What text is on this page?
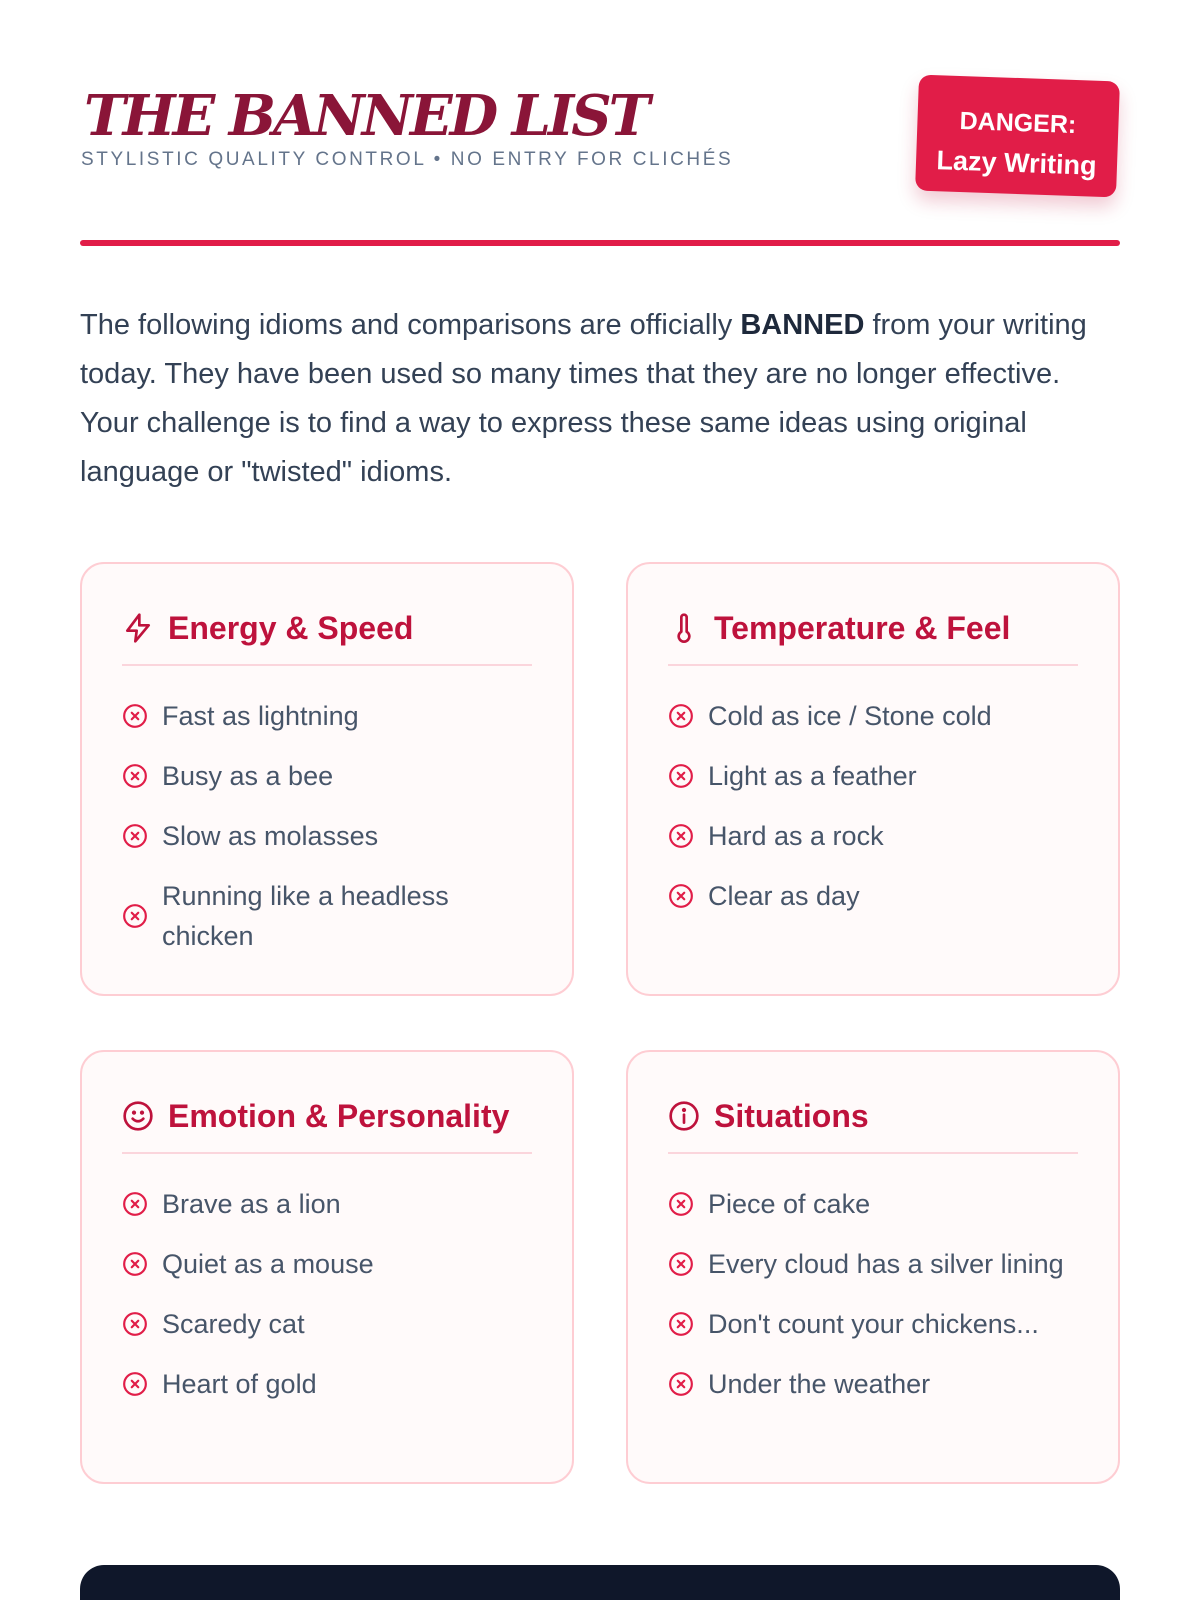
THE BANNED LIST
STYLISTIC QUALITY CONTROL • NO ENTRY FOR CLICHÉS
DANGER:
Lazy Writing

The following idioms and comparisons are officially BANNED from your writing today. They have been used so many times that they are no longer effective. Your challenge is to find a way to express these same ideas using original language or "twisted" idioms.

Energy & Speed
Fast as lightning
Busy as a bee
Slow as molasses
Running like a headless chicken
Temperature & Feel
Cold as ice / Stone cold
Light as a feather
Hard as a rock
Clear as day
Emotion & Personality
Brave as a lion
Quiet as a mouse
Scaredy cat
Heart of gold
Situations
Piece of cake
Every cloud has a silver lining
Don't count your chickens...
Under the weather
